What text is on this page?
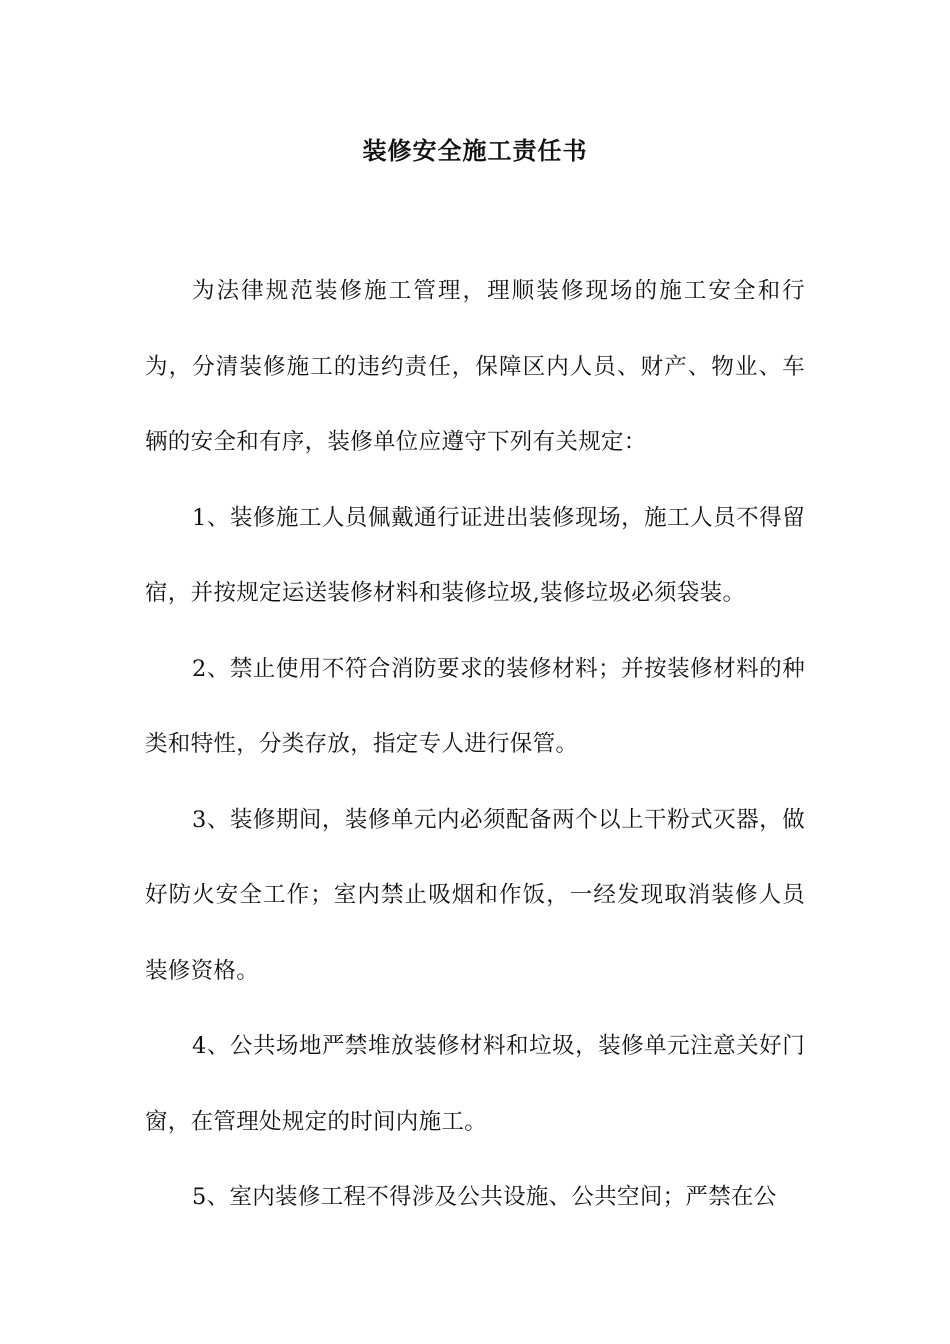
装修安全施工责任书

为法律规范装修施工管理，理顺装修现场的施工安全和行为，分清装修施工的违约责任，保障区内人员、财产、物业、车辆的安全和有序，装修单位应遵守下列有关规定：

1、装修施工人员佩戴通行证进出装修现场，施工人员不得留宿，并按规定运送装修材料和装修垃圾,装修垃圾必须袋装。

2、禁止使用不符合消防要求的装修材料；并按装修材料的种类和特性，分类存放，指定专人进行保管。

3、装修期间，装修单元内必须配备两个以上干粉式灭器，做好防火安全工作；室内禁止吸烟和作饭，一经发现取消装修人员装修资格。

4、公共场地严禁堆放装修材料和垃圾，装修单元注意关好门窗，在管理处规定的时间内施工。

5、室内装修工程不得涉及公共设施、公共空间；严禁在公
